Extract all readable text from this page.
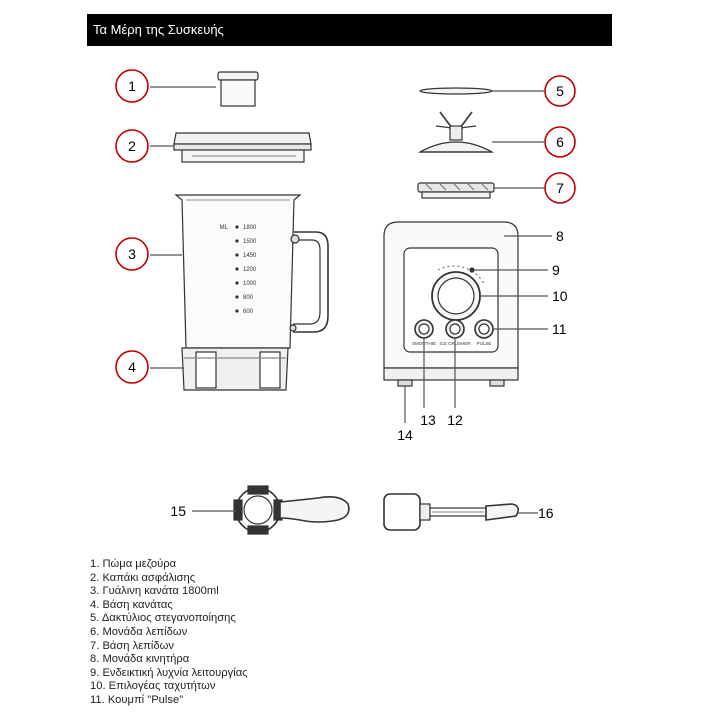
Τα Μέρη της Συσκευής
1
2
ML	1800
1500
1450
1200
1000
800
600
3
4
5
6
7
8
9
10
SMOOTHIE ICE CRUSHER PULSE
11
12
13
14
15	16
1. Πώμα μεζούρα
2. Καπάκι ασφάλισης
3. Γυάλινη κανάτα 1800ml
4. Βάση κανάτας
5. Δακτύλιος στεγανοποίησης
6. Μονάδα λεπίδων
7. Βάση λεπίδων
8. Μονάδα κινητήρα
9. Ενδεικτική λυχνία λειτουργίας
10. Επιλογέας ταχυτήτων
11. Κουμπί "Pulse"
